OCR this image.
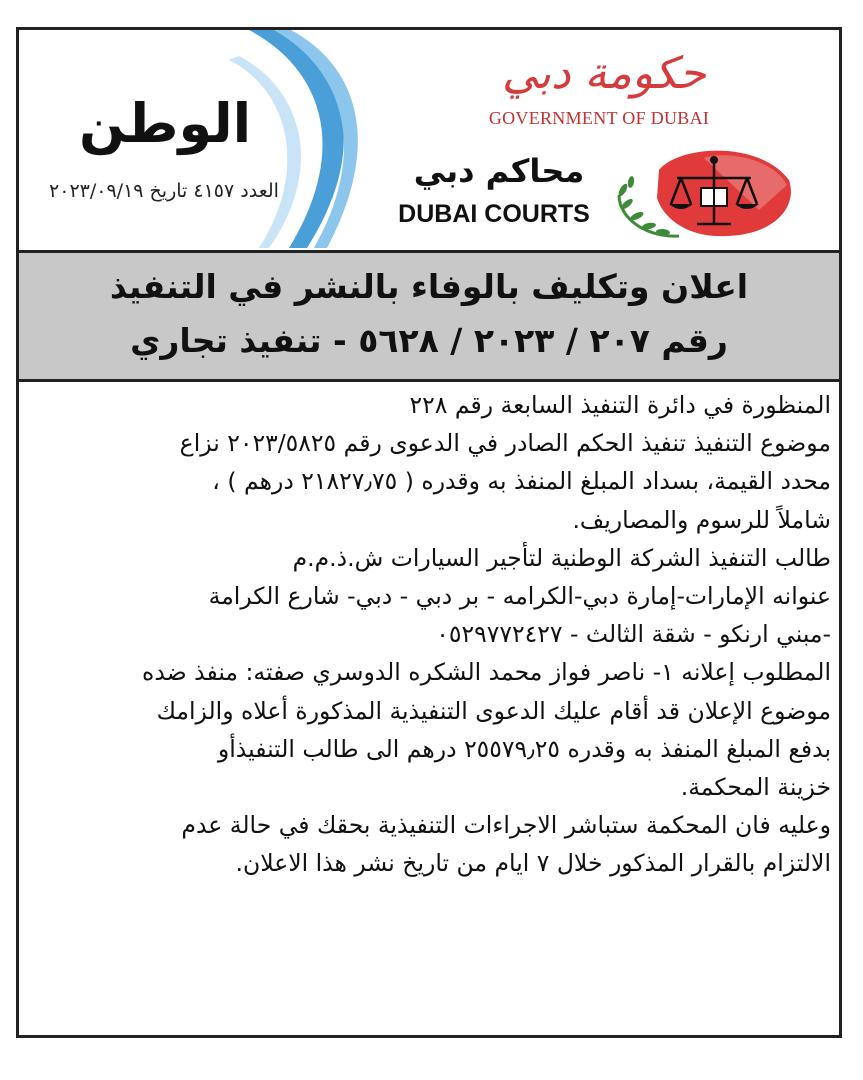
الوطن
العدد ٤١٥٧ تاريخ ٢٠٢٣/٠٩/١٩
حكومة دبي
GOVERNMENT OF DUBAI
محاكم دبي
DUBAI COURTS
اعلان وتكليف بالوفاء بالنشر في التنفيذ
رقم ٢٠٧ / ٢٠٢٣ / ٥٦٢٨ - تنفيذ تجاري

المنظورة في دائرة التنفيذ السابعة رقم ٢٢٨

موضوع التنفيذ تنفيذ الحكم الصادر في الدعوى رقم ٢٠٢٣/٥٨٢٥ نزاع

محدد القيمة، بسداد المبلغ المنفذ به وقدره ( ٢١٨٢٧٫٧٥ درهم ) ،

شاملاً للرسوم والمصاريف.

طالب التنفيذ الشركة الوطنية لتأجير السيارات ش.ذ.م.م

عنوانه الإمارات-إمارة دبي-الكرامه - بر دبي - دبي- شارع الكرامة

-مبني ارنكو - شقة الثالث - ٠٥٢٩٧٧٢٤٢٧

المطلوب إعلانه ١- ناصر فواز محمد الشكره الدوسري صفته: منفذ ضده

موضوع الإعلان قد أقام عليك الدعوى التنفيذية المذكورة أعلاه والزامك

بدفع المبلغ المنفذ به وقدره ٢٥٥٧٩٫٢٥ درهم الى طالب التنفيذأو

خزينة المحكمة.

وعليه فان المحكمة ستباشر الاجراءات التنفيذية بحقك في حالة عدم

الالتزام بالقرار المذكور خلال ٧ ايام من تاريخ نشر هذا الاعلان.
